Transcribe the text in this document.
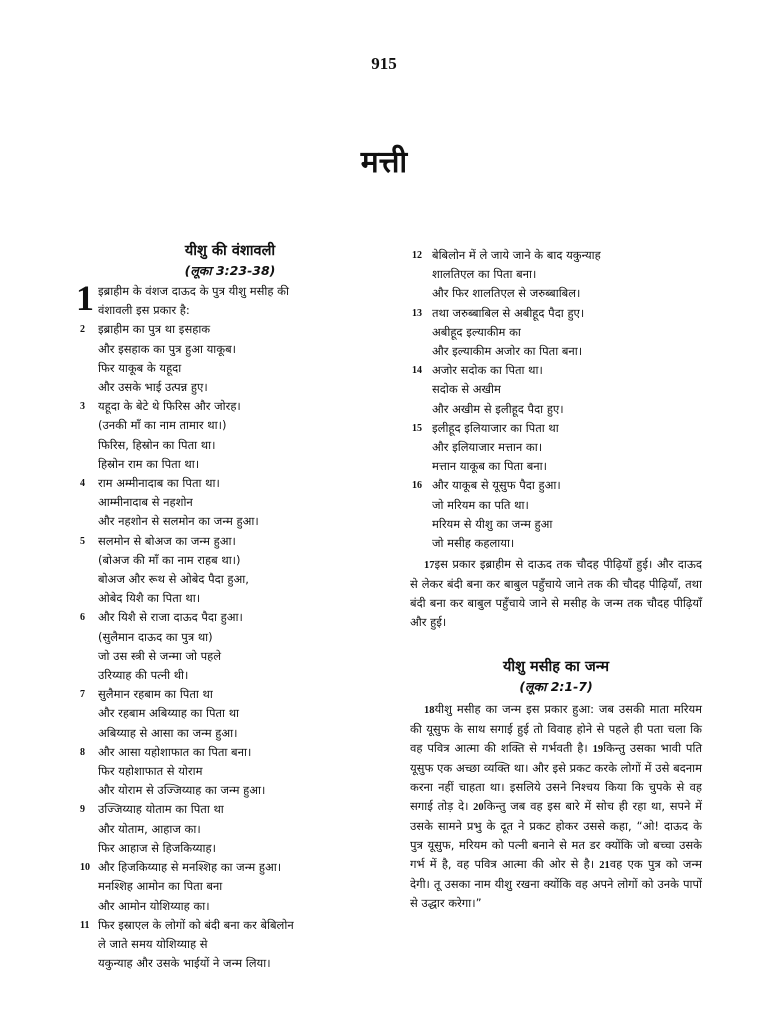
915
मत्ती
यीशु की वंशावली
(लूका 3:23-38)
1 इब्राहीम के वंशज दाऊद के पुत्र यीशु मसीह की
वंशावली इस प्रकार है:
2 इब्राहीम का पुत्र था इसहाक
और इसहाक का पुत्र हुआ याकूब।
फिर याकूब के यहूदा
और उसके भाई उत्पन्न हुए।
3 यहूदा के बेटे थे फिरिस और जोरह।
(उनकी माँ का नाम तामार था।)
फिरिस, हिस्रोन का पिता था।
हिस्रोन राम का पिता था।
4 राम अम्मीनादाब का पिता था।
आम्मीनादाब से नहशोन
और नहशोन से सलमोन का जन्म हुआ।
5 सलमोन से बोअज का जन्म हुआ।
(बोअज की माँ का नाम राहब था।)
बोअज और रूथ से ओबेद पैदा हुआ,
ओबेद यिशै का पिता था।
6 और यिशै से राजा दाऊद पैदा हुआ।
(सुलैमान दाऊद का पुत्र था)
जो उस स्त्री से जन्मा जो पहले
उरिय्याह की पत्नी थी।
7 सुलैमान रहबाम का पिता था
और रहबाम अबिय्याह का पिता था
अबिय्याह से आसा का जन्म हुआ।
8 और आसा यहोशाफात का पिता बना।
फिर यहोशाफात से योराम
और योराम से उज्जिय्याह का जन्म हुआ।
9 उज्जिय्याह योताम का पिता था
और योताम, आहाज का।
फिर आहाज से हिजकिय्याह।
10 और हिजकिय्याह से मनश्शिह का जन्म हुआ।
मनश्शिह आमोन का पिता बना
और आमोन योशिय्याह का।
11 फिर इस्राएल के लोगों को बंदी बना कर बेबिलोन
ले जाते समय योशिय्याह से
यकुन्याह और उसके भाईयों ने जन्म लिया।
12 बेबिलोन में ले जाये जाने के बाद यकुन्याह
शालतिएल का पिता बना।
और फिर शालतिएल से जरुब्बाबिल।
13 तथा जरुब्बाबिल से अबीहूद पैदा हुए।
अबीहूद इल्याकीम का
और इल्याकीम अजोर का पिता बना।
14 अजोर सदोक का पिता था।
सदोक से अखीम
और अखीम से इलीहूद पैदा हुए।
15 इलीहूद इलियाजार का पिता था
और इलियाजार मत्तान का।
मत्तान याकूब का पिता बना।
16 और याकूब से यूसुफ पैदा हुआ।
जो मरियम का पति था।
मरियम से यीशु का जन्म हुआ
जो मसीह कहलाया।
17इस प्रकार इब्राहीम से दाऊद तक चौदह पीढ़ियाँ हुई। और दाऊद से लेकर बंदी बना कर बाबुल पहुँचाये जाने तक की चौदह पीढ़ियाँ, तथा बंदी बना कर बाबुल पहुँचाये जाने से मसीह के जन्म तक चौदह पीढ़ियाँ और हुई।
यीशु मसीह का जन्म
(लूका 2:1-7)
18यीशु मसीह का जन्म इस प्रकार हुआ: जब उसकी माता मरियम की यूसुफ के साथ सगाई हुई तो विवाह होने से पहले ही पता चला कि वह पवित्र आत्मा की शक्ति से गर्भवती है। 19किन्तु उसका भावी पति यूसुफ एक अच्छा व्यक्ति था। और इसे प्रकट करके लोगों में उसे बदनाम करना नहीं चाहता था। इसलिये उसने निश्चय किया कि चुपके से वह सगाई तोड़ दे। 20किन्तु जब वह इस बारे में सोच ही रहा था, सपने में उसके सामने प्रभु के दूत ने प्रकट होकर उससे कहा, “ओ! दाऊद के पुत्र यूसुफ, मरियम को पत्नी बनाने से मत डर क्योंकि जो बच्चा उसके गर्भ में है, वह पवित्र आत्मा की ओर से है। 21वह एक पुत्र को जन्म देगी। तू उसका नाम यीशु रखना क्योंकि वह अपने लोगों को उनके पापों से उद्धार करेगा।”
